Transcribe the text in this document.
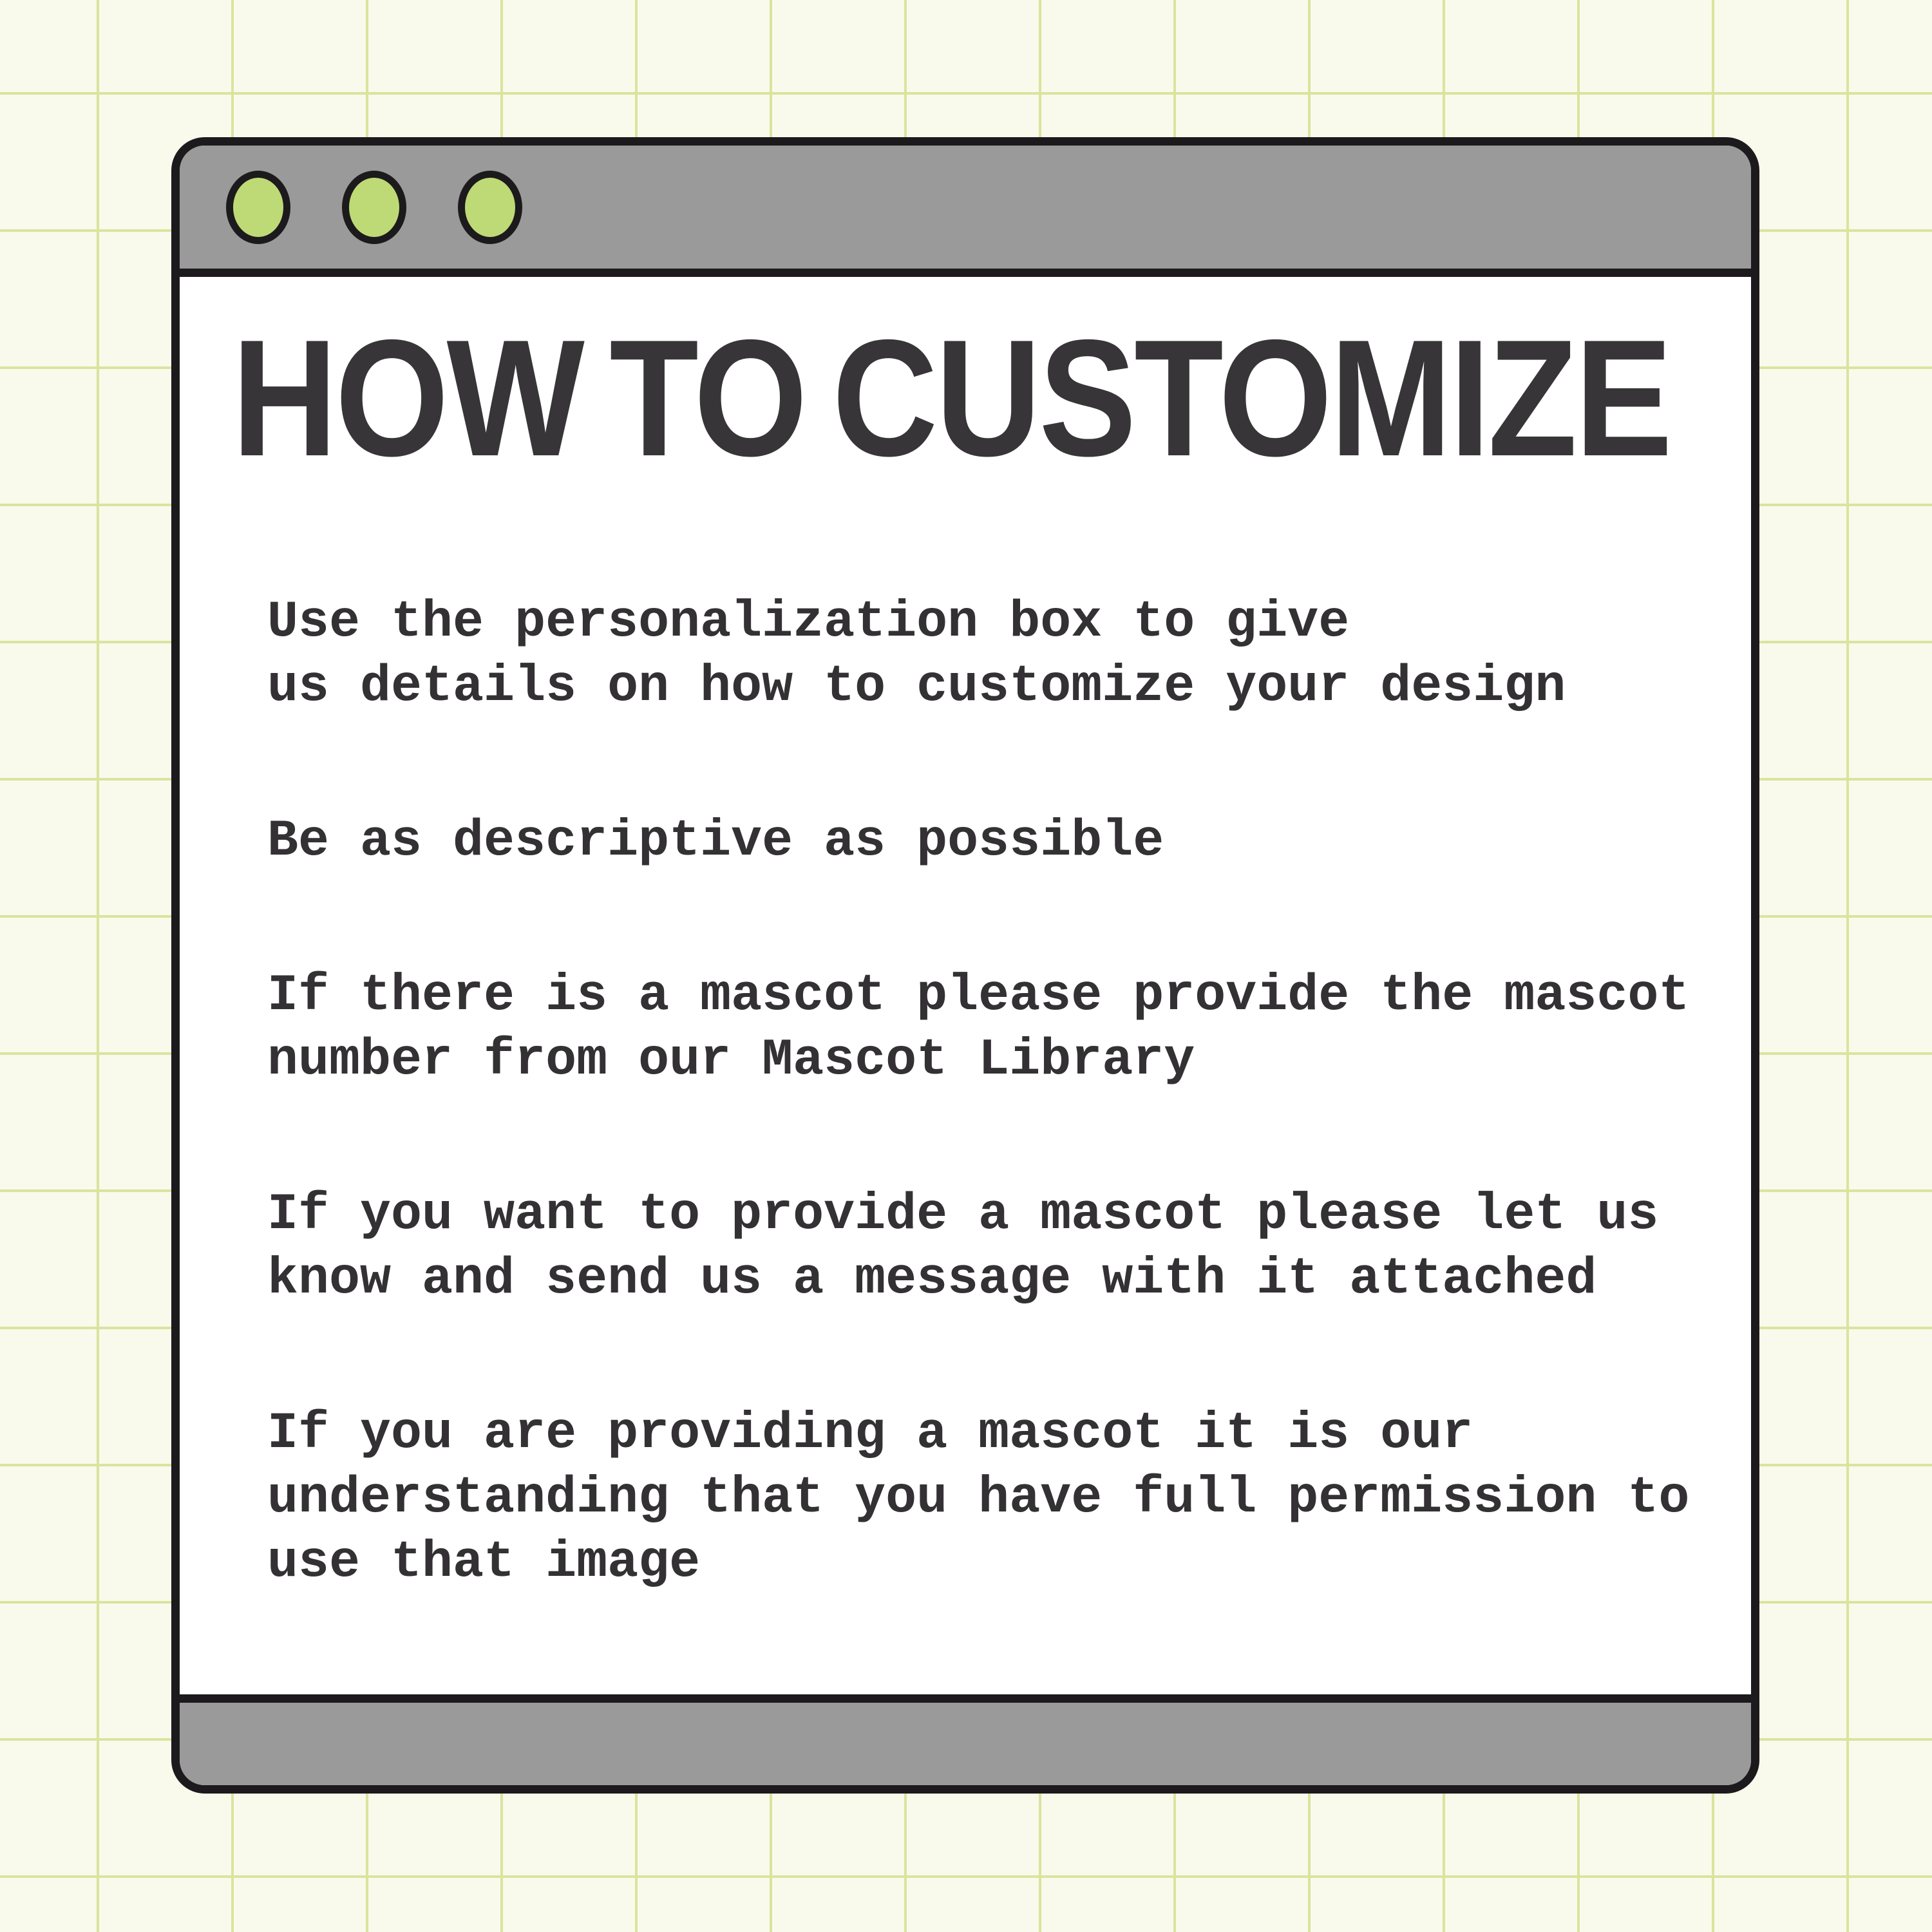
HOW TO CUSTOMIZE
Use the personalization box to give
us details on how to customize your design
Be as descriptive as possible
If there is a mascot please provide the mascot
number from our Mascot Library
If you want to provide a mascot please let us
know and send us a message with it attached
If you are providing a mascot it is our
understanding that you have full permission to
use that image
